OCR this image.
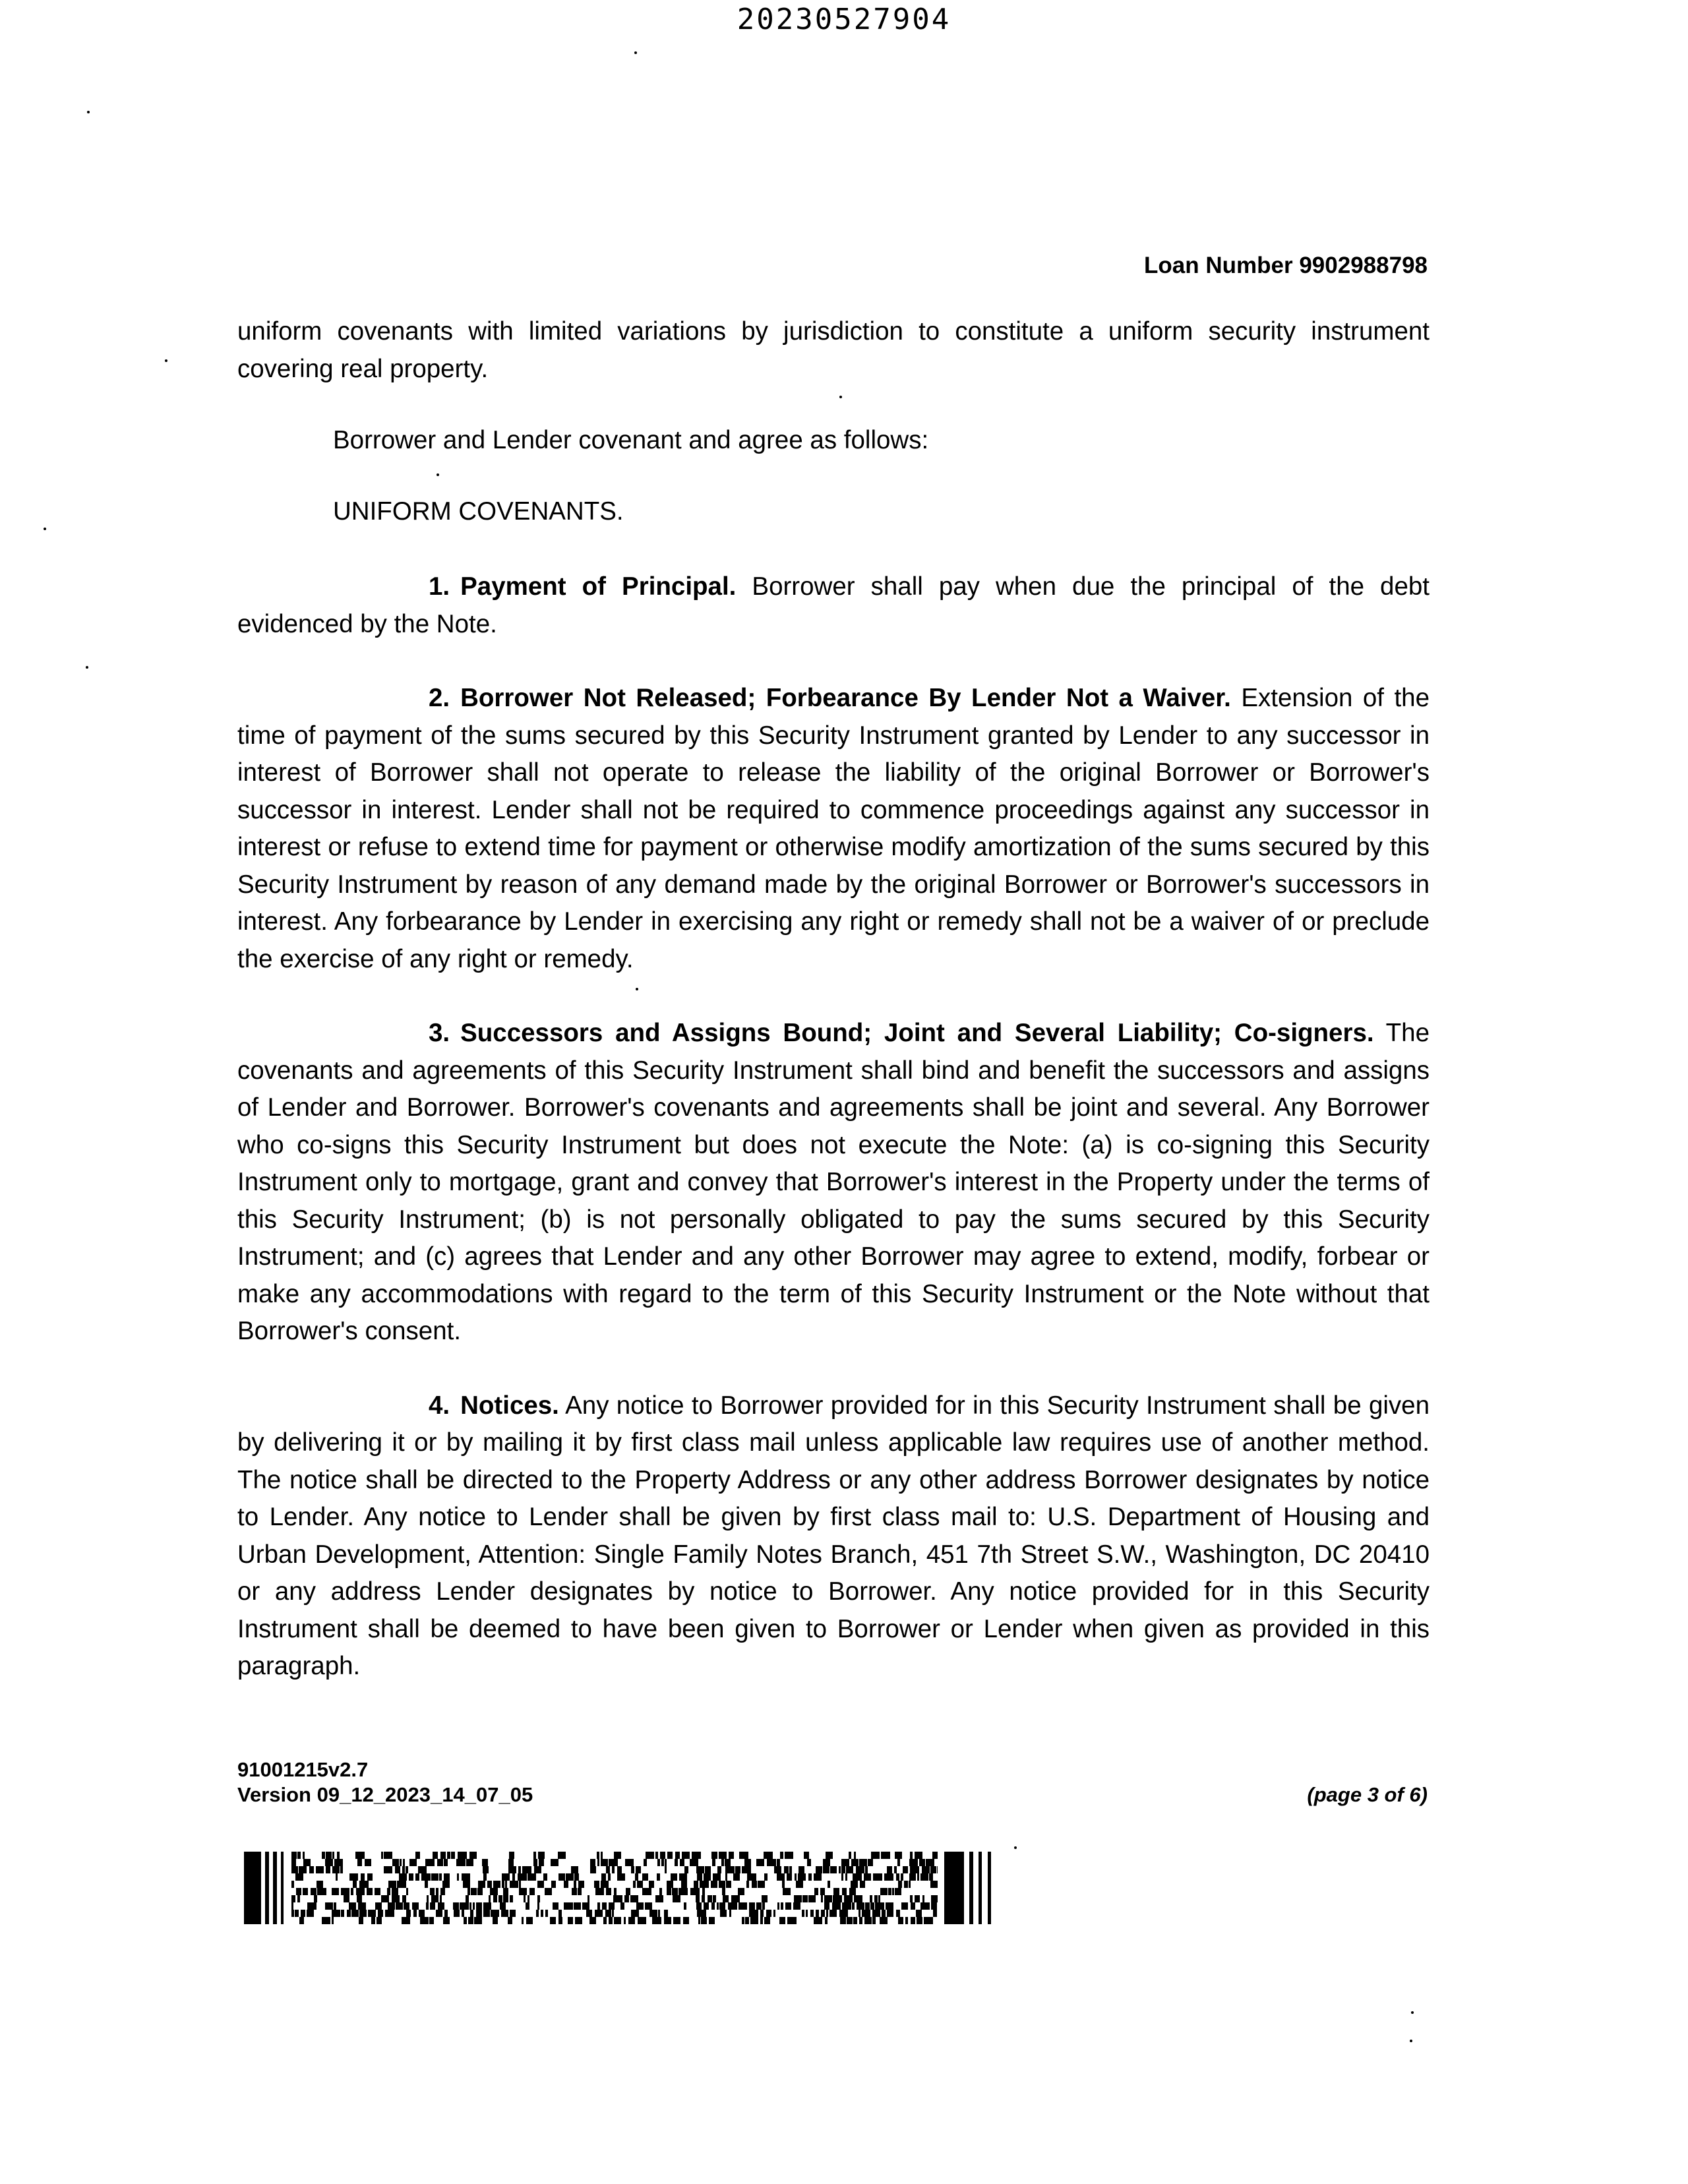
20230527904
Loan Number 9902988798

uniform covenants with limited variations by jurisdiction to constitute a uniform security instrument covering real property.

Borrower and Lender covenant and agree as follows:

UNIFORM COVENANTS.

1. Payment of Principal. Borrower shall pay when due the principal of the debt evidenced by the Note.

2. Borrower Not Released; Forbearance By Lender Not a Waiver. Extension of the time of payment of the sums secured by this Security Instrument granted by Lender to any successor in interest of Borrower shall not operate to release the liability of the original Borrower or Borrower's successor in interest. Lender shall not be required to commence proceedings against any successor in interest or refuse to extend time for payment or otherwise modify amortization of the sums secured by this Security Instrument by reason of any demand made by the original Borrower or Borrower's successors in interest. Any forbearance by Lender in exercising any right or remedy shall not be a waiver of or preclude the exercise of any right or remedy.

3. Successors and Assigns Bound; Joint and Several Liability; Co-signers. The covenants and agreements of this Security Instrument shall bind and benefit the successors and assigns of Lender and Borrower. Borrower's covenants and agreements shall be joint and several. Any Borrower who co-signs this Security Instrument but does not execute the Note: (a) is co-signing this Security Instrument only to mortgage, grant and convey that Borrower's interest in the Property under the terms of this Security Instrument; (b) is not personally obligated to pay the sums secured by this Security Instrument; and (c) agrees that Lender and any other Borrower may agree to extend, modify, forbear or make any accommodations with regard to the term of this Security Instrument or the Note without that Borrower's consent.

4. Notices. Any notice to Borrower provided for in this Security Instrument shall be given by delivering it or by mailing it by first class mail unless applicable law requires use of another method. The notice shall be directed to the Property Address or any other address Borrower designates by notice to Lender. Any notice to Lender shall be given by first class mail to: U.S. Department of Housing and Urban Development, Attention: Single Family Notes Branch, 451 7th Street S.W., Washington, DC 20410 or any address Lender designates by notice to Borrower. Any notice provided for in this Security Instrument shall be deemed to have been given to Borrower or Lender when given as provided in this paragraph.

91001215v2.7
Version 09_12_2023_14_07_05	(page 3 of 6)
